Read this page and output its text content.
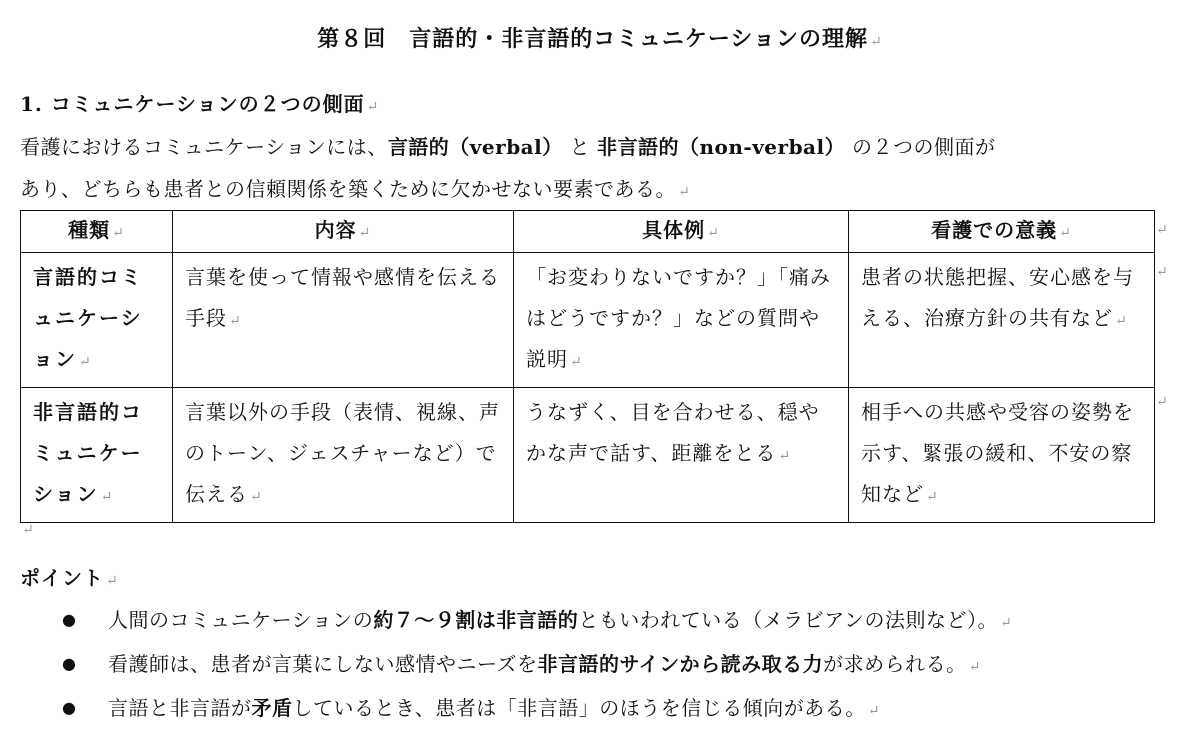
第８回　言語的・非言語的コミュニケーションの理解 ↵
1. コミュニケーションの２つの側面 ↵
看護におけるコミュニケーションには、言語的（verbal） と 非言語的（non-verbal） の２つの側面が
あり、どちらも患者との信頼関係を築くために欠かせない要素である。 ↵
種類 ↵	内容 ↵	具体例 ↵	看護での意義 ↵
言語的コミュニケーション ↵	言葉を使って情報や感情を伝える手段 ↵	「お変わりないですか？」「痛みはどうですか？」などの質問や説明 ↵	患者の状態把握、安心感を与える、治療方針の共有など ↵
非言語的コミュニケーション ↵	言葉以外の手段（表情、視線、声のトーン、ジェスチャーなど）で伝える ↵	うなずく、目を合わせる、穏やかな声で話す、距離をとる ↵	相手への共感や受容の姿勢を示す、緊張の緩和、不安の察知など ↵
↵
↵
↵
↵
ポイント ↵
● 人間のコミュニケーションの約７〜９割は非言語的ともいわれている（メラビアンの法則など）。 ↵
● 看護師は、患者が言葉にしない感情やニーズを非言語的サインから読み取る力が求められる。 ↵
● 言語と非言語が矛盾しているとき、患者は「非言語」のほうを信じる傾向がある。 ↵
